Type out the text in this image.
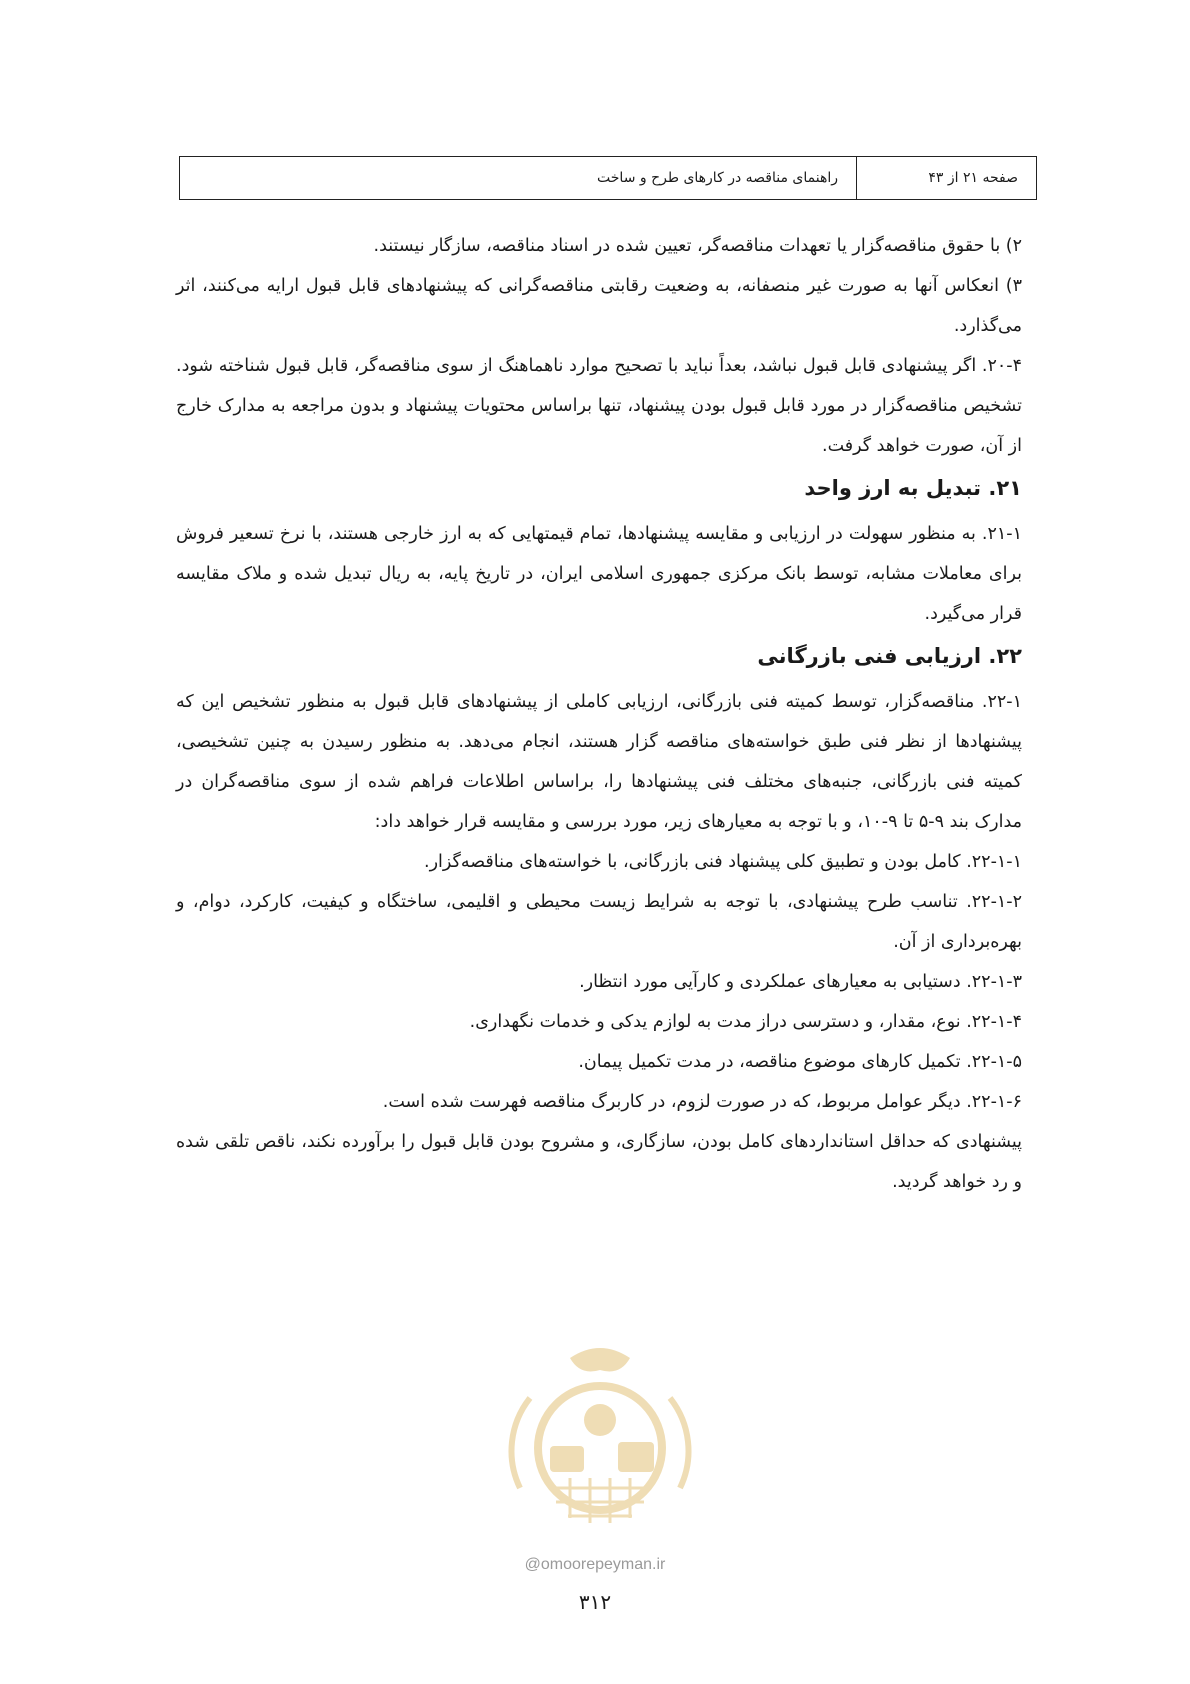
صفحه ۲۱ از ۴۳
راهنمای مناقصه در کارهای طرح و ساخت

۲) با حقوق مناقصه‌گزار یا تعهدات مناقصه‌گر، تعیین شده در اسناد مناقصه، سازگار نیستند.

۳) انعکاس آنها به صورت غیر منصفانه، به وضعیت رقابتی مناقصه‌گرانی که پیشنهادهای قابل قبول ارایه می‌کنند، اثر می‌گذارد.

۲۰-۴. اگر پیشنهادی قابل قبول نباشد، بعداً نباید با تصحیح موارد ناهماهنگ از سوی مناقصه‌گر، قابل قبول شناخته شود. تشخیص مناقصه‌گزار در مورد قابل قبول بودن پیشنهاد، تنها براساس محتویات پیشنهاد و بدون مراجعه به مدارک خارج از آن، صورت خواهد گرفت.

۲۱. تبدیل به ارز واحد

۲۱-۱. به منظور سهولت در ارزیابی و مقایسه پیشنهادها، تمام قیمتهایی که به ارز خارجی هستند، با نرخ تسعیر فروش برای معاملات مشابه، توسط بانک مرکزی جمهوری اسلامی ایران، در تاریخ پایه، به ریال تبدیل شده و ملاک مقایسه قرار می‌گیرد.

۲۲. ارزیابی فنی بازرگانی

۲۲-۱. مناقصه‌گزار، توسط کمیته فنی بازرگانی، ارزیابی کاملی از پیشنهادهای قابل قبول به منظور تشخیص این که پیشنهادها از نظر فنی طبق خواسته‌های مناقصه گزار هستند، انجام می‌دهد. به منظور رسیدن به چنین تشخیصی، کمیته فنی بازرگانی، جنبه‌های مختلف فنی پیشنهادها را، براساس اطلاعات فراهم شده از سوی مناقصه‌گران در مدارک بند ۹-۵ تا ۹-۱۰، و با توجه به معیارهای زیر، مورد بررسی و مقایسه قرار خواهد داد:

۲۲-۱-۱. کامل بودن و تطبیق کلی پیشنهاد فنی بازرگانی، با خواسته‌های مناقصه‌گزار.

۲۲-۱-۲. تناسب طرح پیشنهادی، با توجه به شرایط زیست محیطی و اقلیمی، ساختگاه و کیفیت، کارکرد، دوام، و بهره‌برداری از آن.

۲۲-۱-۳. دستیابی به معیارهای عملکردی و کارآیی مورد انتظار.

۲۲-۱-۴. نوع، مقدار، و دسترسی دراز مدت به لوازم یدکی و خدمات نگهداری.

۲۲-۱-۵. تکمیل کارهای موضوع مناقصه، در مدت تکمیل پیمان.

۲۲-۱-۶. دیگر عوامل مربوط، که در صورت لزوم، در کاربرگ مناقصه فهرست شده است.

پیشنهادی که حداقل استانداردهای کامل بودن، سازگاری، و مشروح بودن قابل قبول را برآورده نکند، ناقص تلقی شده و رد خواهد گردید.

@omoorepeyman.ir
۳۱۲
